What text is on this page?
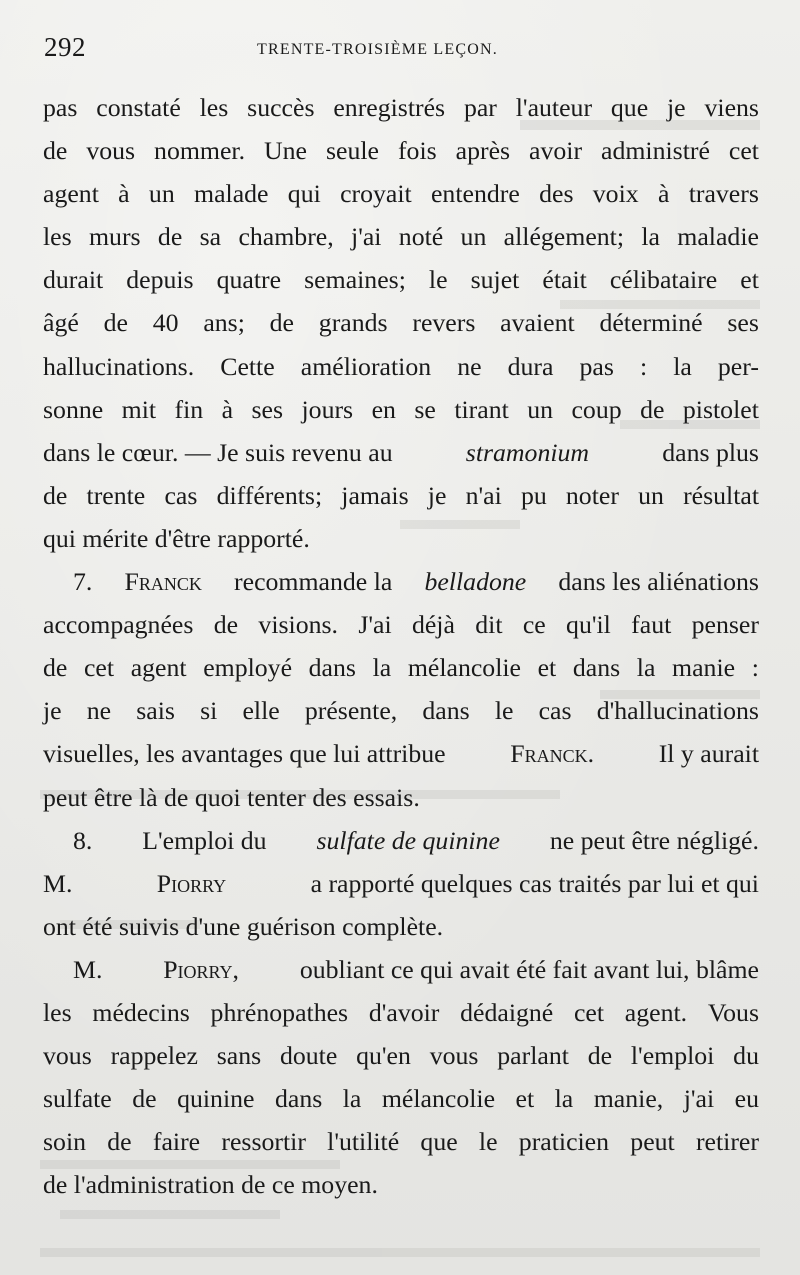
292	TRENTE-TROISIÈME LEÇON.
pas constaté les succès enregistrés par l'auteur que je viens
de vous nommer. Une seule fois après avoir administré cet
agent à un malade qui croyait entendre des voix à travers
les murs de sa chambre, j'ai noté un allégement; la maladie
durait depuis quatre semaines; le sujet était célibataire et
âgé de 40 ans; de grands revers avaient déterminé ses
hallucinations. Cette amélioration ne dura pas : la per-
sonne mit fin à ses jours en se tirant un coup de pistolet
dans le cœur. — Je suis revenu au	stramonium	dans plus
de trente cas différents; jamais je n'ai pu noter un résultat
qui mérite d'être rapporté.
7. Franck recommande la belladone dans les aliénations
accompagnées de visions. J'ai déjà dit ce qu'il faut penser
de cet agent employé dans la mélancolie et dans la manie :
je ne sais si elle présente, dans le cas d'hallucinations
visuelles, les avantages que lui attribue	Franck.	Il y aurait
peut être là de quoi tenter des essais.
8. L'emploi du sulfate de quinine ne peut être négligé.
M.	Piorry	a rapporté quelques cas traités par lui et qui
ont été suivis d'une guérison complète.
M. Piorry, oubliant ce qui avait été fait avant lui, blâme
les médecins phrénopathes d'avoir dédaigné cet agent. Vous
vous rappelez sans doute qu'en vous parlant de l'emploi du
sulfate de quinine dans la mélancolie et la manie, j'ai eu
soin de faire ressortir l'utilité que le praticien peut retirer
de l'administration de ce moyen.
